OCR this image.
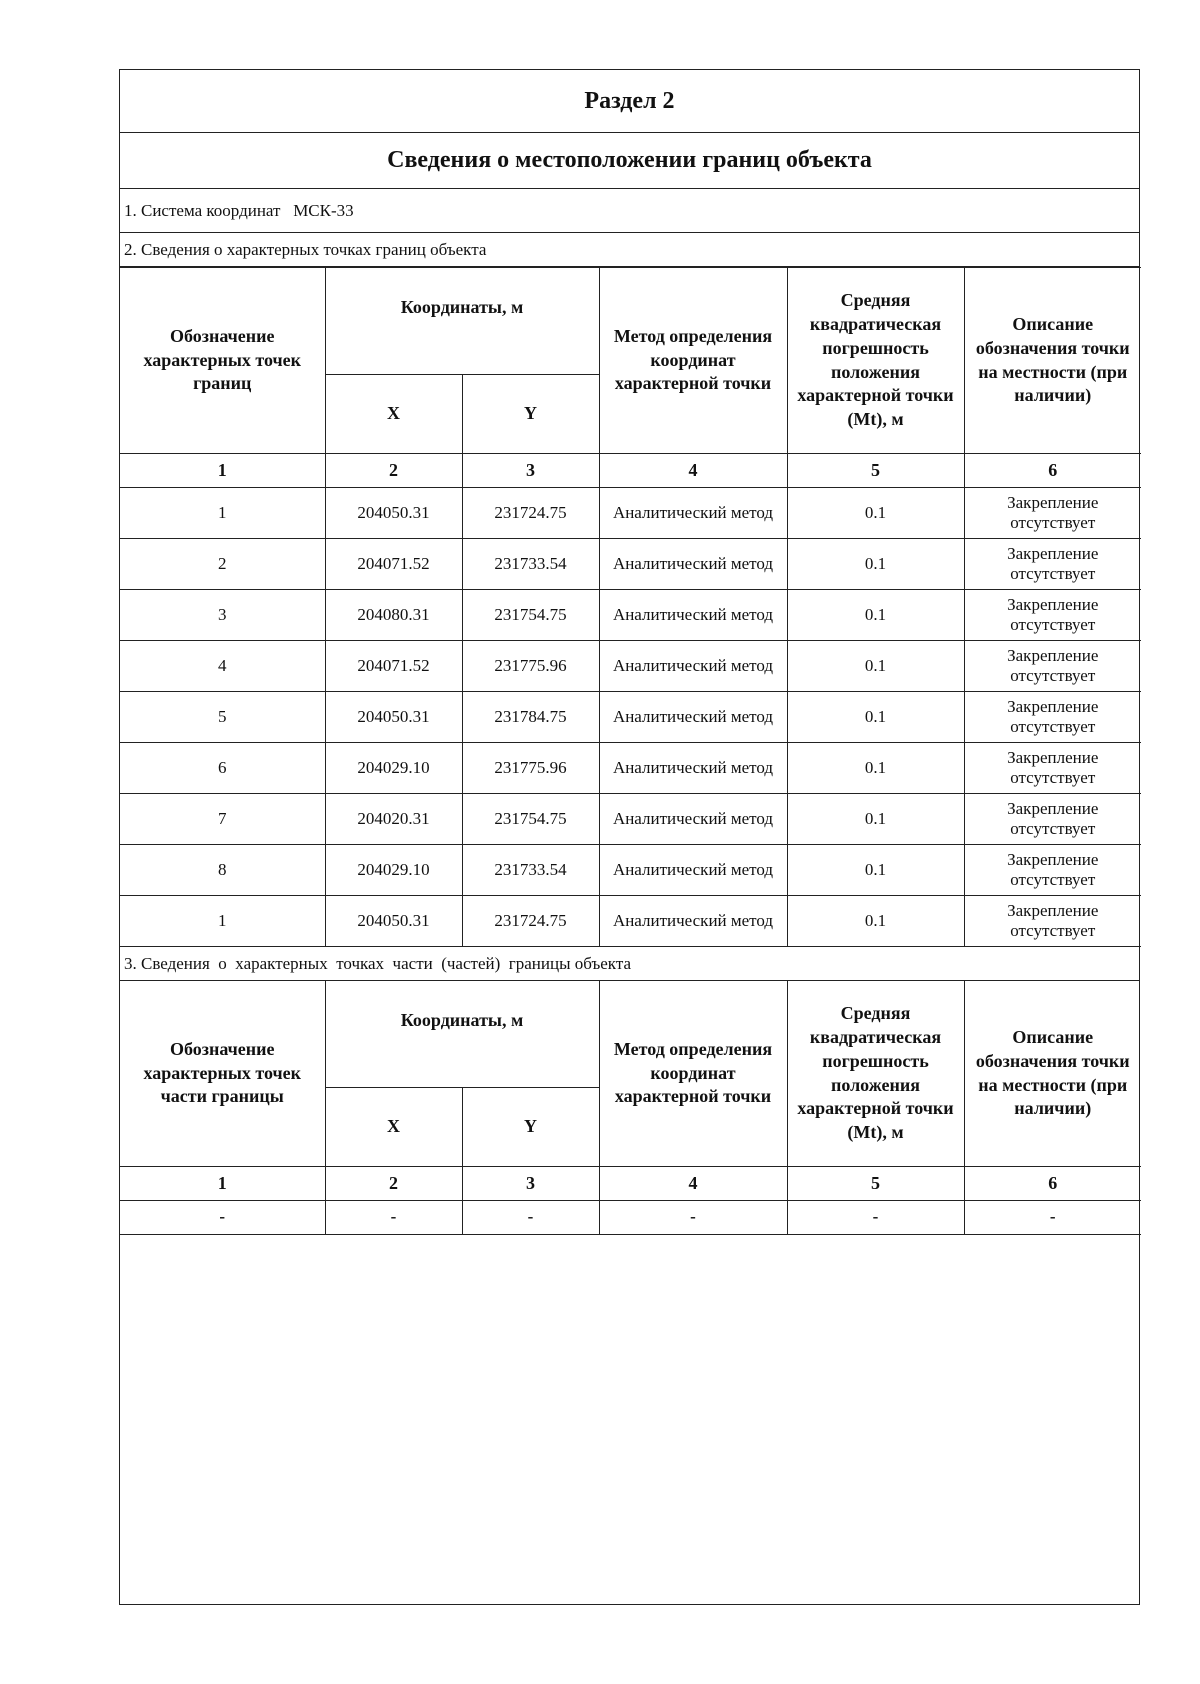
Раздел 2
Сведения о местоположении границ объекта
1. Система координат   МСК-33
2. Сведения о характерных точках границ объекта
Обозначение характерных точек границ	Координаты, м		Метод определения координат характерной точки	Средняя квадратическая погрешность положения характерной точки (Mt), м	Описание обозначения точки на местности (при наличии)
	X	Y			
1	2	3	4	5	6
1	204050.31	231724.75	Аналитический метод	0.1	Закрепление отсутствует
2	204071.52	231733.54	Аналитический метод	0.1	Закрепление отсутствует
3	204080.31	231754.75	Аналитический метод	0.1	Закрепление отсутствует
4	204071.52	231775.96	Аналитический метод	0.1	Закрепление отсутствует
5	204050.31	231784.75	Аналитический метод	0.1	Закрепление отсутствует
6	204029.10	231775.96	Аналитический метод	0.1	Закрепление отсутствует
7	204020.31	231754.75	Аналитический метод	0.1	Закрепление отсутствует
8	204029.10	231733.54	Аналитический метод	0.1	Закрепление отсутствует
1	204050.31	231724.75	Аналитический метод	0.1	Закрепление отсутствует
3. Сведения  о  характерных  точках  части  (частей)  границы объекта
Обозначение характерных точек части границы	Координаты, м		Метод определения координат характерной точки	Средняя квадратическая погрешность положения характерной точки (Mt), м	Описание обозначения точки на местности (при наличии)
	X	Y			
1	2	3	4	5	6
-	-	-	-	-	-
